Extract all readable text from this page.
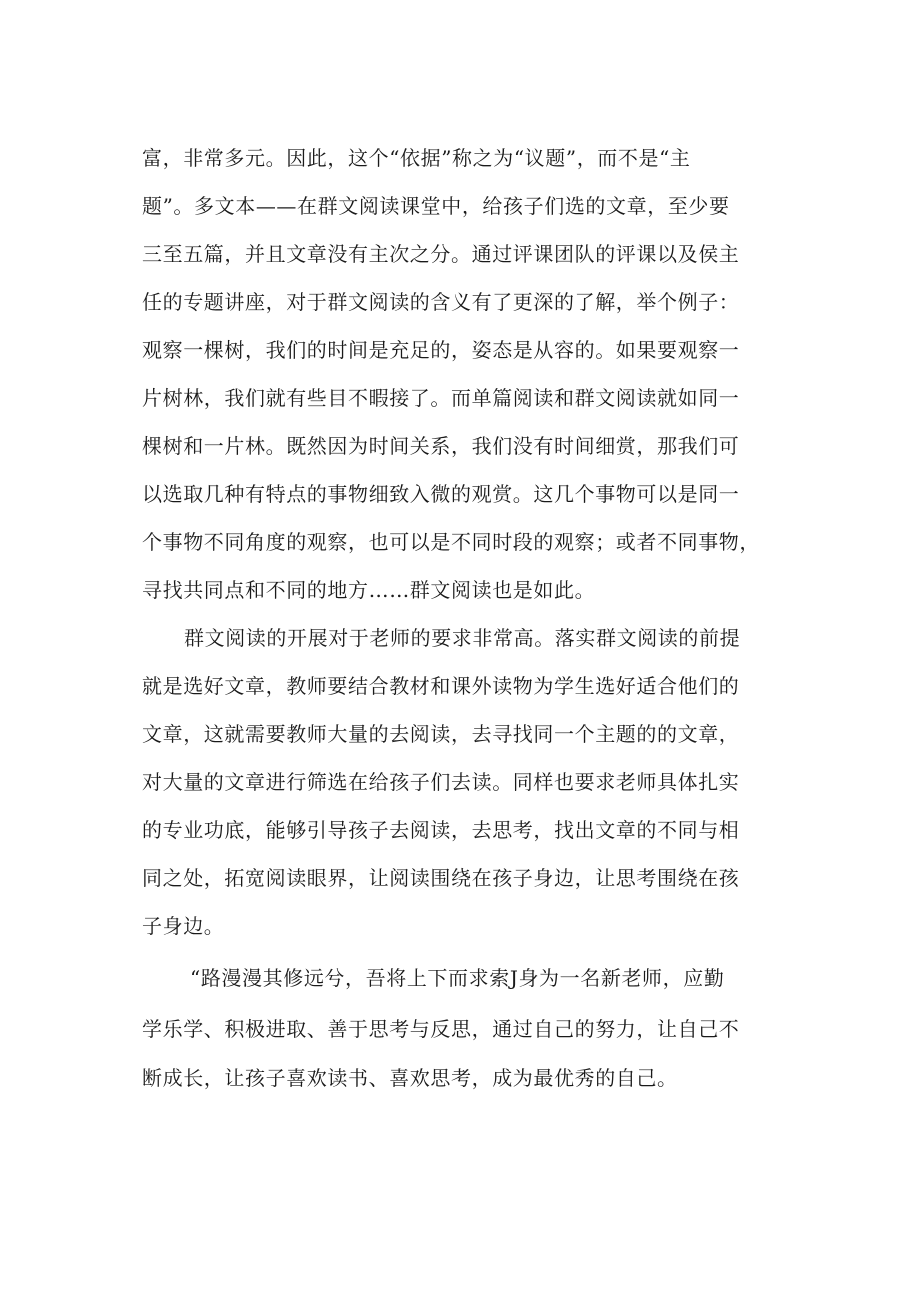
富，非常多元。因此，这个“依据”称之为“议题”，而不是“主
题”。多文本——在群文阅读课堂中，给孩子们选的文章，至少要
三至五篇，并且文章没有主次之分。通过评课团队的评课以及侯主
任的专题讲座，对于群文阅读的含义有了更深的了解，举个例子：
观察一棵树，我们的时间是充足的，姿态是从容的。如果要观察一
片树林，我们就有些目不暇接了。而单篇阅读和群文阅读就如同一
棵树和一片林。既然因为时间关系，我们没有时间细赏，那我们可
以选取几种有特点的事物细致入微的观赏。这几个事物可以是同一
个事物不同角度的观察，也可以是不同时段的观察；或者不同事物，
寻找共同点和不同的地方……群文阅读也是如此。
群文阅读的开展对于老师的要求非常高。落实群文阅读的前提
就是选好文章，教师要结合教材和课外读物为学生选好适合他们的
文章，这就需要教师大量的去阅读，去寻找同一个主题的的文章，
对大量的文章进行筛选在给孩子们去读。同样也要求老师具体扎实
的专业功底，能够引导孩子去阅读，去思考，找出文章的不同与相
同之处，拓宽阅读眼界，让阅读围绕在孩子身边，让思考围绕在孩
子身边。
“路漫漫其修远兮，吾将上下而求索J身为一名新老师，应勤
学乐学、积极进取、善于思考与反思，通过自己的努力，让自己不
断成长，让孩子喜欢读书、喜欢思考，成为最优秀的自己。
